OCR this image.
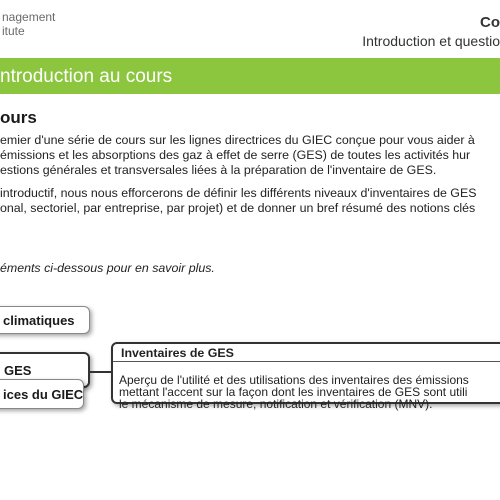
nagement
itute	Co
Introduction et questio
ntroduction au cours
ours
emier d'une série de cours sur les lignes directrices du GIEC conçue pour vous aider à
émissions et les absorptions des gaz à effet de serre (GES) de toutes les activités hur
estions générales et transversales liées à la préparation de l'inventaire de GES.
introductif, nous nous efforcerons de définir les différents niveaux d'inventaires de GES
onal, sectoriel, par entreprise, par projet) et de donner un bref résumé des notions clés
éments ci-dessous pour en savoir plus.
climatiques
GES
ices du GIEC
Inventaires de GES
Aperçu de l'utilité et des utilisations des inventaires des émissions
mettant l'accent sur la façon dont les inventaires de GES sont utili
le mécanisme de mesure, notification et vérification (MNV).
